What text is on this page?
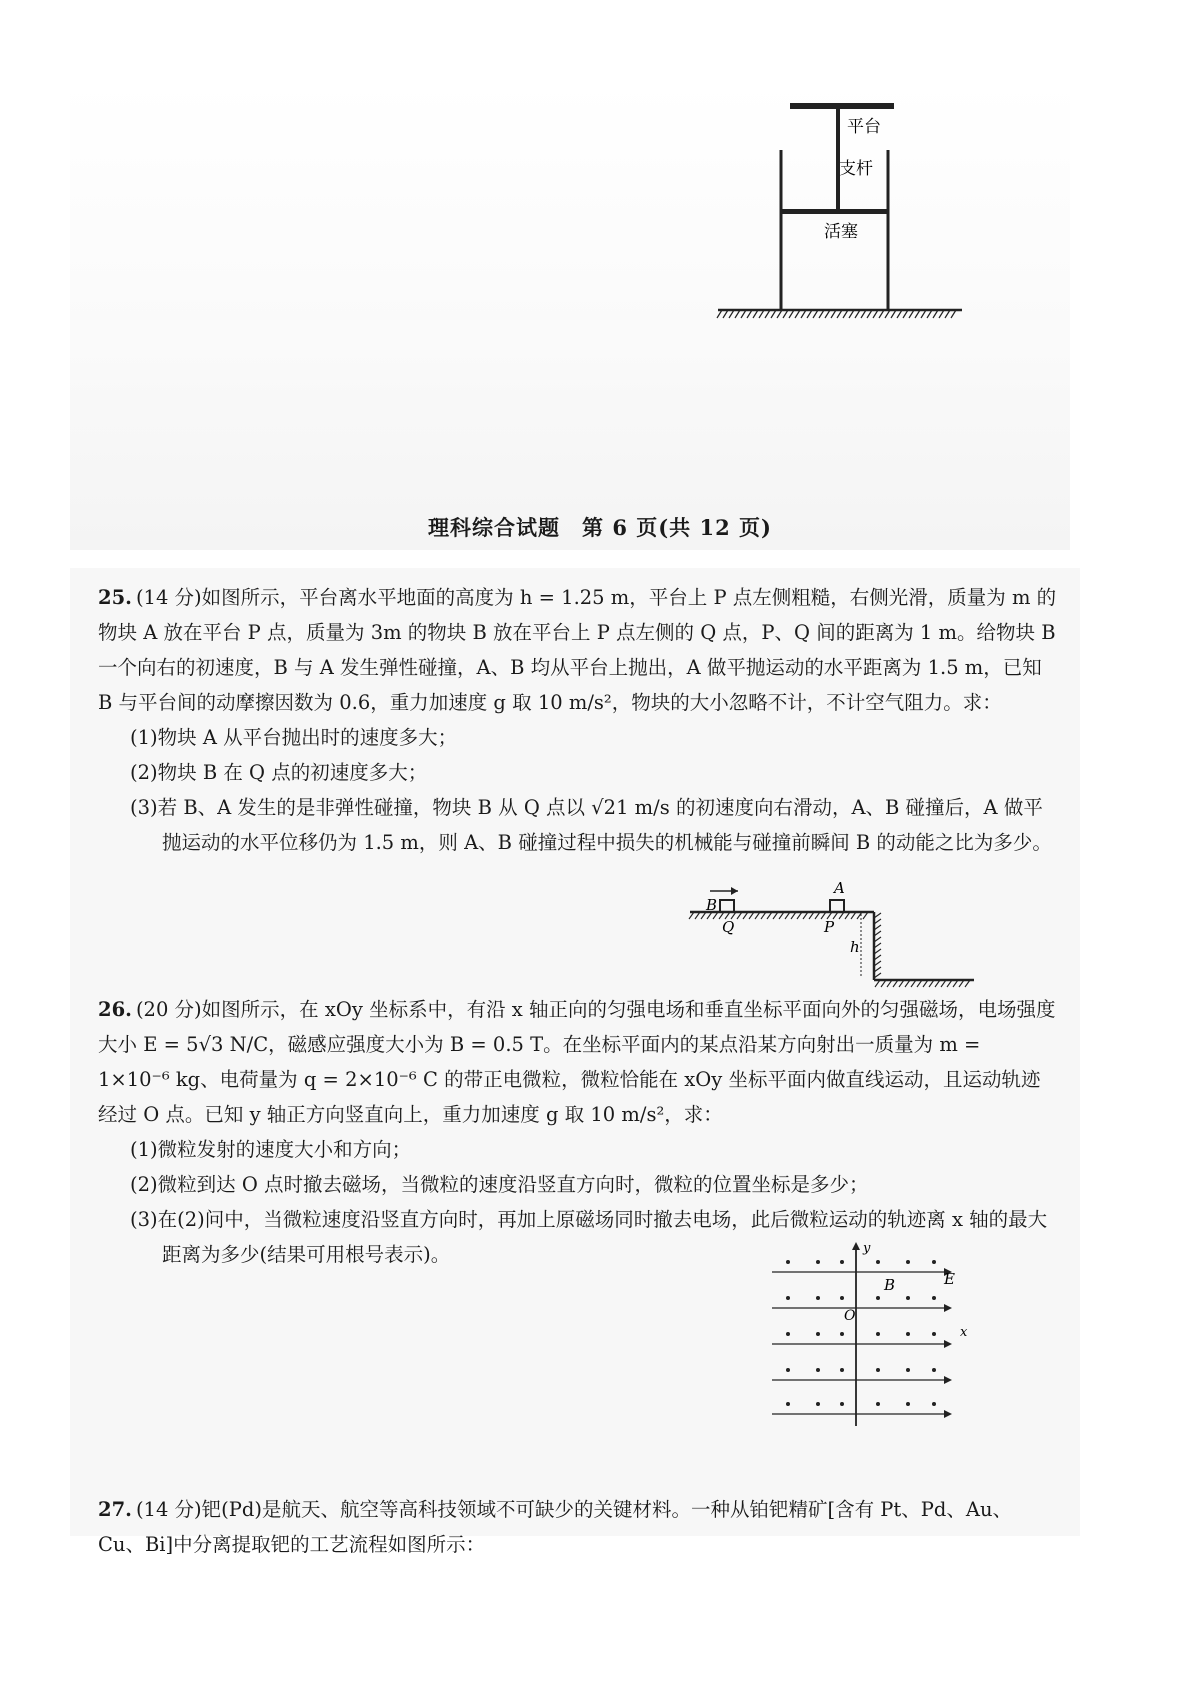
平台
支杆
活塞
理科综合试题 第 6 页(共 12 页)

25. (14 分)如图所示，平台离水平地面的高度为 h = 1.25 m，平台上 P 点左侧粗糙，右侧光滑，质量为 m 的物块 A 放在平台 P 点，质量为 3m 的物块 B 放在平台上 P 点左侧的 Q 点，P、Q 间的距离为 1 m。给物块 B 一个向右的初速度，B 与 A 发生弹性碰撞，A、B 均从平台上抛出，A 做平抛运动的水平距离为 1.5 m，已知 B 与平台间的动摩擦因数为 0.6，重力加速度 g 取 10 m/s²，物块的大小忽略不计，不计空气阻力。求：

(1)物块 A 从平台抛出时的速度多大；

(2)物块 B 在 Q 点的初速度多大；

(3)若 B、A 发生的是非弹性碰撞，物块 B 从 Q 点以 √21 m/s 的初速度向右滑动，A、B 碰撞后，A 做平抛运动的水平位移仍为 1.5 m，则 A、B 碰撞过程中损失的机械能与碰撞前瞬间 B 的动能之比为多少。

26. (20 分)如图所示，在 xOy 坐标系中，有沿 x 轴正向的匀强电场和垂直坐标平面向外的匀强磁场，电场强度大小 E = 5√3 N/C，磁感应强度大小为 B = 0.5 T。在坐标平面内的某点沿某方向射出一质量为 m = 1×10⁻⁶ kg、电荷量为 q = 2×10⁻⁶ C 的带正电微粒，微粒恰能在 xOy 坐标平面内做直线运动，且运动轨迹经过 O 点。已知 y 轴正方向竖直向上，重力加速度 g 取 10 m/s²，求：

(1)微粒发射的速度大小和方向；

(2)微粒到达 O 点时撤去磁场，当微粒的速度沿竖直方向时，微粒的位置坐标是多少；

(3)在(2)问中，当微粒速度沿竖直方向时，再加上原磁场同时撤去电场，此后微粒运动的轨迹离 x 轴的最大距离为多少(结果可用根号表示)。

27. (14 分)钯(Pd)是航天、航空等高科技领域不可缺少的关键材料。一种从铂钯精矿[含有 Pt、Pd、Au、Cu、Bi]中分离提取钯的工艺流程如图所示：

B
A
Q	P
h
y
x
O
B	E
